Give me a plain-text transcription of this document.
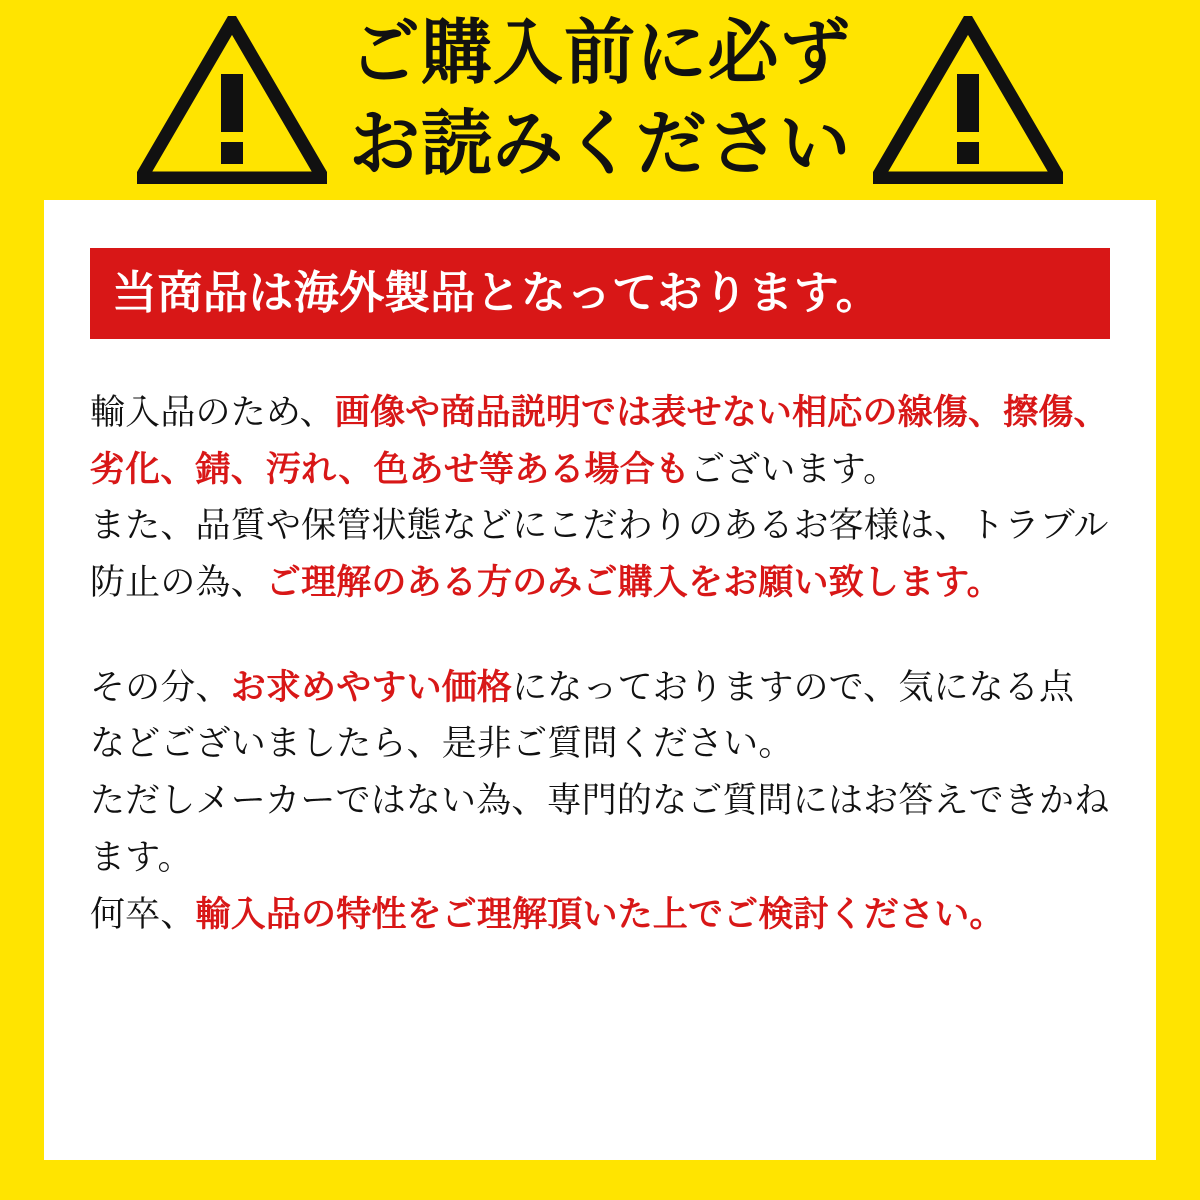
ご購入前に必ず
お読みください
当商品は海外製品となっております。

輸入品のため、画像や商品説明では表せない相応の線傷、擦傷、

劣化、錆、汚れ、色あせ等ある場合もございます。

また、品質や保管状態などにこだわりのあるお客様は、トラブル

防止の為、ご理解のある方のみご購入をお願い致します。

その分、お求めやすい価格になっておりますので、気になる点

などございましたら、是非ご質問ください。

ただしメーカーではない為、専門的なご質問にはお答えできかね

ます。

何卒、輸入品の特性をご理解頂いた上でご検討ください。
